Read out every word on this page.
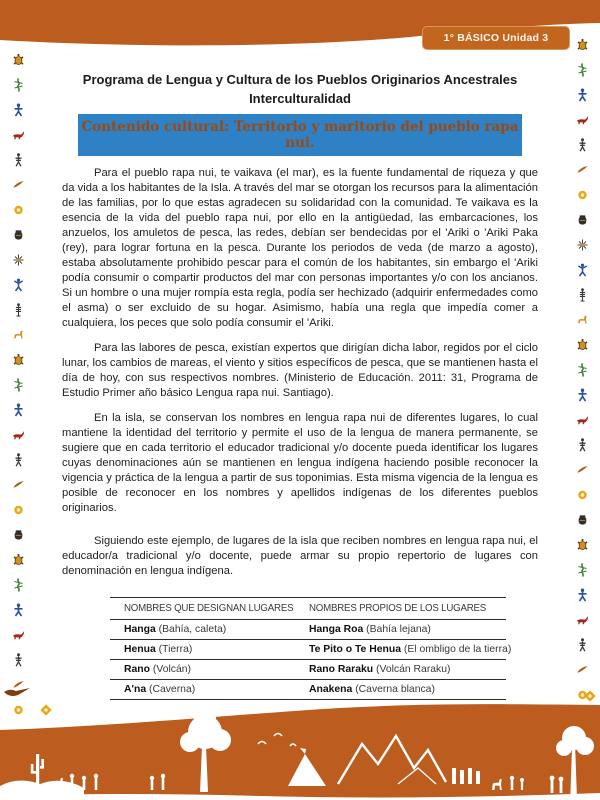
1° BÁSICO Unidad 3
Programa de Lengua y Cultura de los Pueblos Originarios Ancestrales
Interculturalidad
Contenido cultural: Territorio y maritorio del pueblo rapa nui.

Para el pueblo rapa nui, te vaikava (el mar), es la fuente fundamental de riqueza y que da vida a los habitantes de la Isla. A través del mar se otorgan los recursos para la alimentación de las familias, por lo que estas agradecen su solidaridad con la comunidad. Te vaikava es la esencia de la vida del pueblo rapa nui, por ello en la antigüedad, las embarcaciones, los anzuelos, los amuletos de pesca, las redes, debían ser bendecidas por el 'Ariki o 'Ariki Paka (rey), para lograr fortuna en la pesca. Durante los periodos de veda (de marzo a agosto), estaba absolutamente prohibido pescar para el común de los habitantes, sin embargo el 'Ariki podía consumir o compartir productos del mar con personas importantes y/o con los ancianos. Si un hombre o una mujer rompía esta regla, podía ser hechizado (adquirir enfermedades como el asma) o ser excluido de su hogar. Asimismo, había una regla que impedía comer a cualquiera, los peces que solo podía consumir el 'Ariki.

Para las labores de pesca, existían expertos que dirigían dicha labor, regidos por el ciclo lunar, los cambios de mareas, el viento y sitios específicos de pesca, que se mantienen hasta el día de hoy, con sus respectivos nombres. (Ministerio de Educación. 2011: 31, Programa de Estudio Primer año básico Lengua rapa nui. Santiago).

En la isla, se conservan los nombres en lengua rapa nui de diferentes lugares, lo cual mantiene la identidad del territorio y permite el uso de la lengua de manera permanente, se sugiere que en cada territorio el educador tradicional y/o docente pueda identificar los lugares cuyas denominaciones aún se mantienen en lengua indígena haciendo posible reconocer la vigencia y práctica de la lengua a partir de sus toponimias. Esta misma vigencia de la lengua es posible de reconocer en los nombres y apellidos indígenas de los diferentes pueblos originarios.

Siguiendo este ejemplo, de lugares de la isla que reciben nombres en lengua rapa nui, el educador/a tradicional y/o docente, puede armar su propio repertorio de lugares con denominación en lengua indígena.

NOMBRES QUE DESIGNAN LUGARES	NOMBRES PROPIOS DE LOS LUGARES
Hanga (Bahía, caleta)	Hanga Roa (Bahía lejana)
Henua (Tierra)	Te Pito o Te Henua (El ombligo de la tierra)
Rano (Volcán)	Rano Raraku (Volcán Raraku)
A'na (Caverna)	Anakena (Caverna blanca)
